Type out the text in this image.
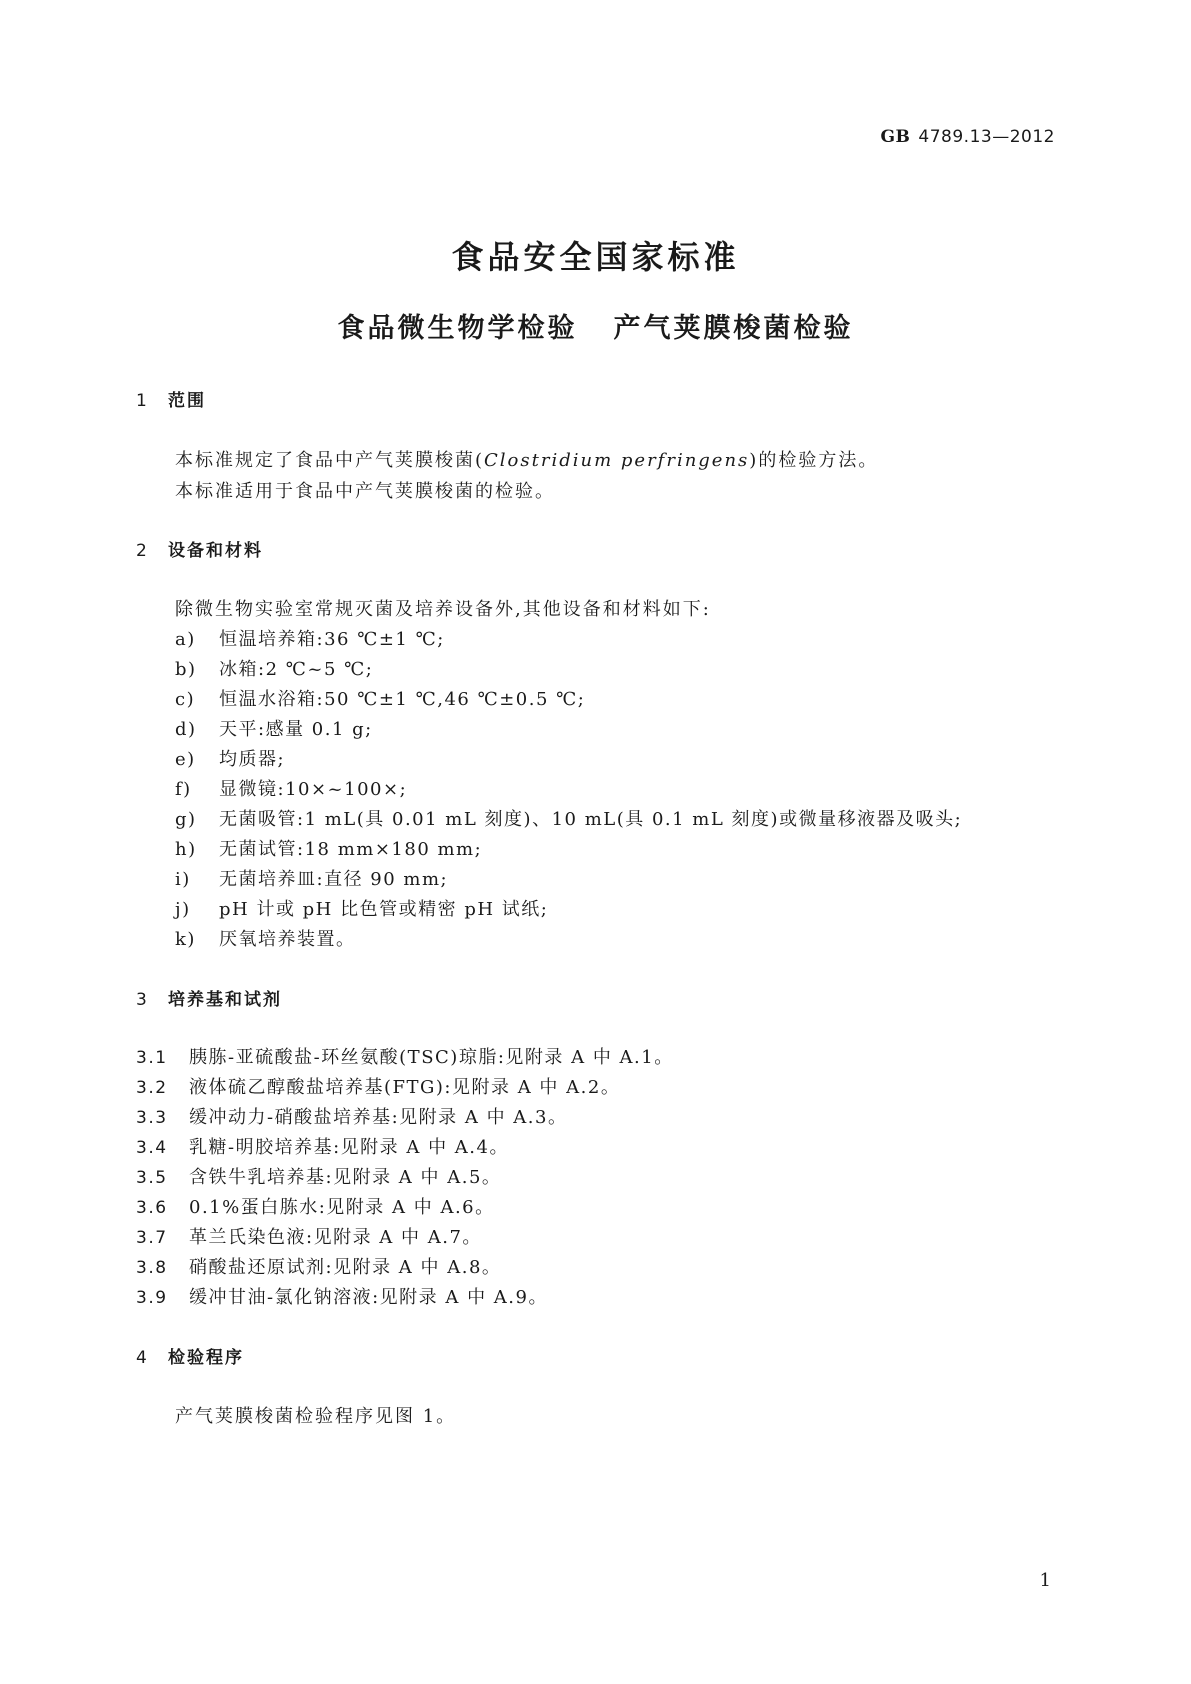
GB 4789.13—2012
食品安全国家标准
食品微生物学检验 产气荚膜梭菌检验
1 范围
本标准规定了食品中产气荚膜梭菌(Clostridium perfringens)的检验方法。
本标准适用于食品中产气荚膜梭菌的检验。
2 设备和材料
除微生物实验室常规灭菌及培养设备外,其他设备和材料如下:
a) 恒温培养箱:36 ℃±1 ℃;
b) 冰箱:2 ℃~5 ℃;
c) 恒温水浴箱:50 ℃±1 ℃,46 ℃±0.5 ℃;
d) 天平:感量 0.1 g;
e) 均质器;
f) 显微镜:10×~100×;
g) 无菌吸管:1 mL(具 0.01 mL 刻度)、10 mL(具 0.1 mL 刻度)或微量移液器及吸头;
h) 无菌试管:18 mm×180 mm;
i) 无菌培养皿:直径 90 mm;
j) pH 计或 pH 比色管或精密 pH 试纸;
k) 厌氧培养装置。
3 培养基和试剂
3.1 胰胨-亚硫酸盐-环丝氨酸(TSC)琼脂:见附录 A 中 A.1。
3.2 液体硫乙醇酸盐培养基(FTG):见附录 A 中 A.2。
3.3 缓冲动力-硝酸盐培养基:见附录 A 中 A.3。
3.4 乳糖-明胶培养基:见附录 A 中 A.4。
3.5 含铁牛乳培养基:见附录 A 中 A.5。
3.6 0.1%蛋白胨水:见附录 A 中 A.6。
3.7 革兰氏染色液:见附录 A 中 A.7。
3.8 硝酸盐还原试剂:见附录 A 中 A.8。
3.9 缓冲甘油-氯化钠溶液:见附录 A 中 A.9。
4 检验程序
产气荚膜梭菌检验程序见图 1。
1
